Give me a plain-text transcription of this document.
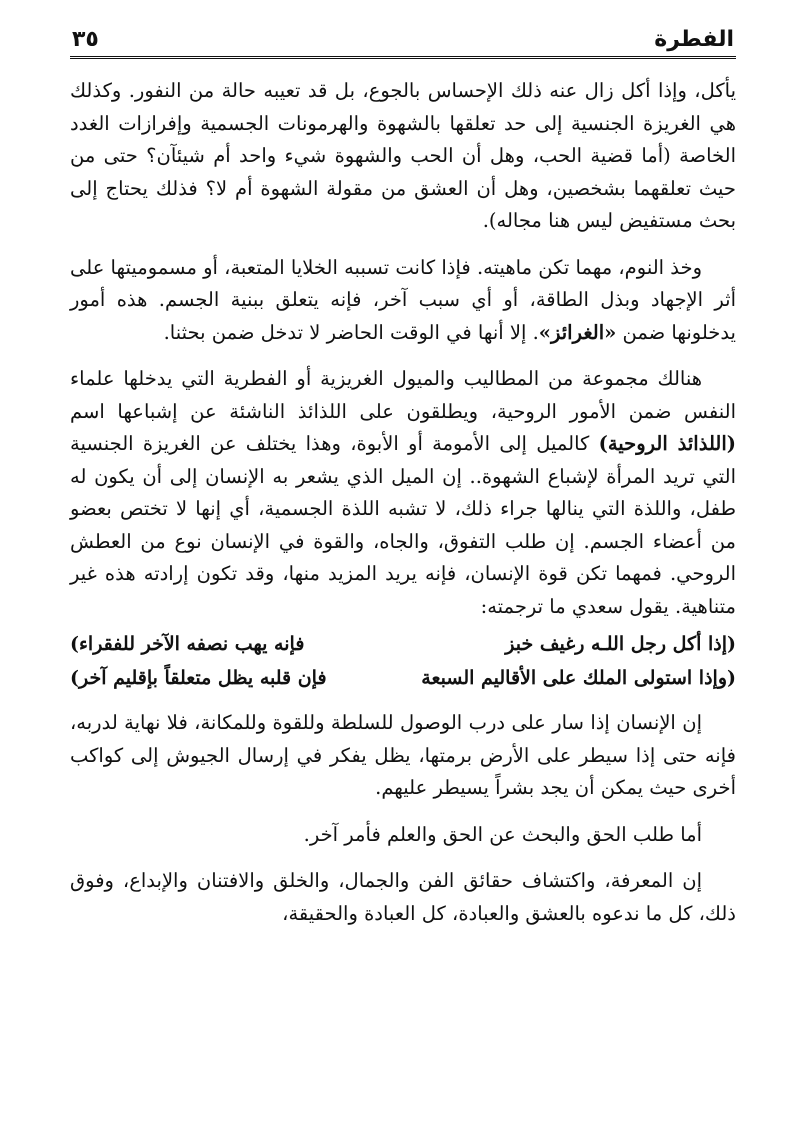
الفطرة
٣٥

يأكل، وإذا أكل زال عنه ذلك الإحساس بالجوع، بل قد تعيبه حالة من النفور. وكذلك هي الغريزة الجنسية إلى حد تعلقها بالشهوة والهرمونات الجسمية وإفرازات الغدد الخاصة (أما قضية الحب، وهل أن الحب والشهوة شيء واحد أم شيئآن؟ حتى من حيث تعلقهما بشخصين، وهل أن العشق من مقولة الشهوة أم لا؟ فذلك يحتاج إلى بحث مستفيض ليس هنا مجاله).

وخذ النوم، مهما تكن ماهيته. فإذا كانت تسببه الخلايا المتعبة، أو مسموميتها على أثر الإجهاد وبذل الطاقة، أو أي سبب آخر، فإنه يتعلق ببنية الجسم. هذه أمور يدخلونها ضمن «الغرائز». إلا أنها في الوقت الحاضر لا تدخل ضمن بحثنا.

هنالك مجموعة من المطاليب والميول الغريزية أو الفطرية التي يدخلها علماء النفس ضمن الأمور الروحية، ويطلقون على اللذائذ الناشئة عن إشباعها اسم (اللذائذ الروحية) كالميل إلى الأمومة أو الأبوة، وهذا يختلف عن الغريزة الجنسية التي تريد المرأة لإشباع الشهوة.. إن الميل الذي يشعر به الإنسان إلى أن يكون له طفل، واللذة التي ينالها جراء ذلك، لا تشبه اللذة الجسمية، أي إنها لا تختص بعضو من أعضاء الجسم. إن طلب التفوق، والجاه، والقوة في الإنسان نوع من العطش الروحي. فمهما تكن قوة الإنسان، فإنه يريد المزيد منها، وقد تكون إرادته هذه غير متناهية. يقول سعدي ما ترجمته:

(إذا أكل رجل اللـه رغيف خبز
فإنه يهب نصفه الآخر للفقراء)
(وإذا استولى الملك على الأقاليم السبعة
فإن قلبه يظل متعلقاً بإقليم آخر)

إن الإنسان إذا سار على درب الوصول للسلطة وللقوة وللمكانة، فلا نهاية لدربه، فإنه حتى إذا سيطر على الأرض برمتها، يظل يفكر في إرسال الجيوش إلى كواكب أخرى حيث يمكن أن يجد بشراً يسيطر عليهم.

أما طلب الحق والبحث عن الحق والعلم فأمر آخر.

إن المعرفة، واكتشاف حقائق الفن والجمال، والخلق والافتنان والإبداع، وفوق ذلك، كل ما ندعوه بالعشق والعبادة، كل العبادة والحقيقة،
